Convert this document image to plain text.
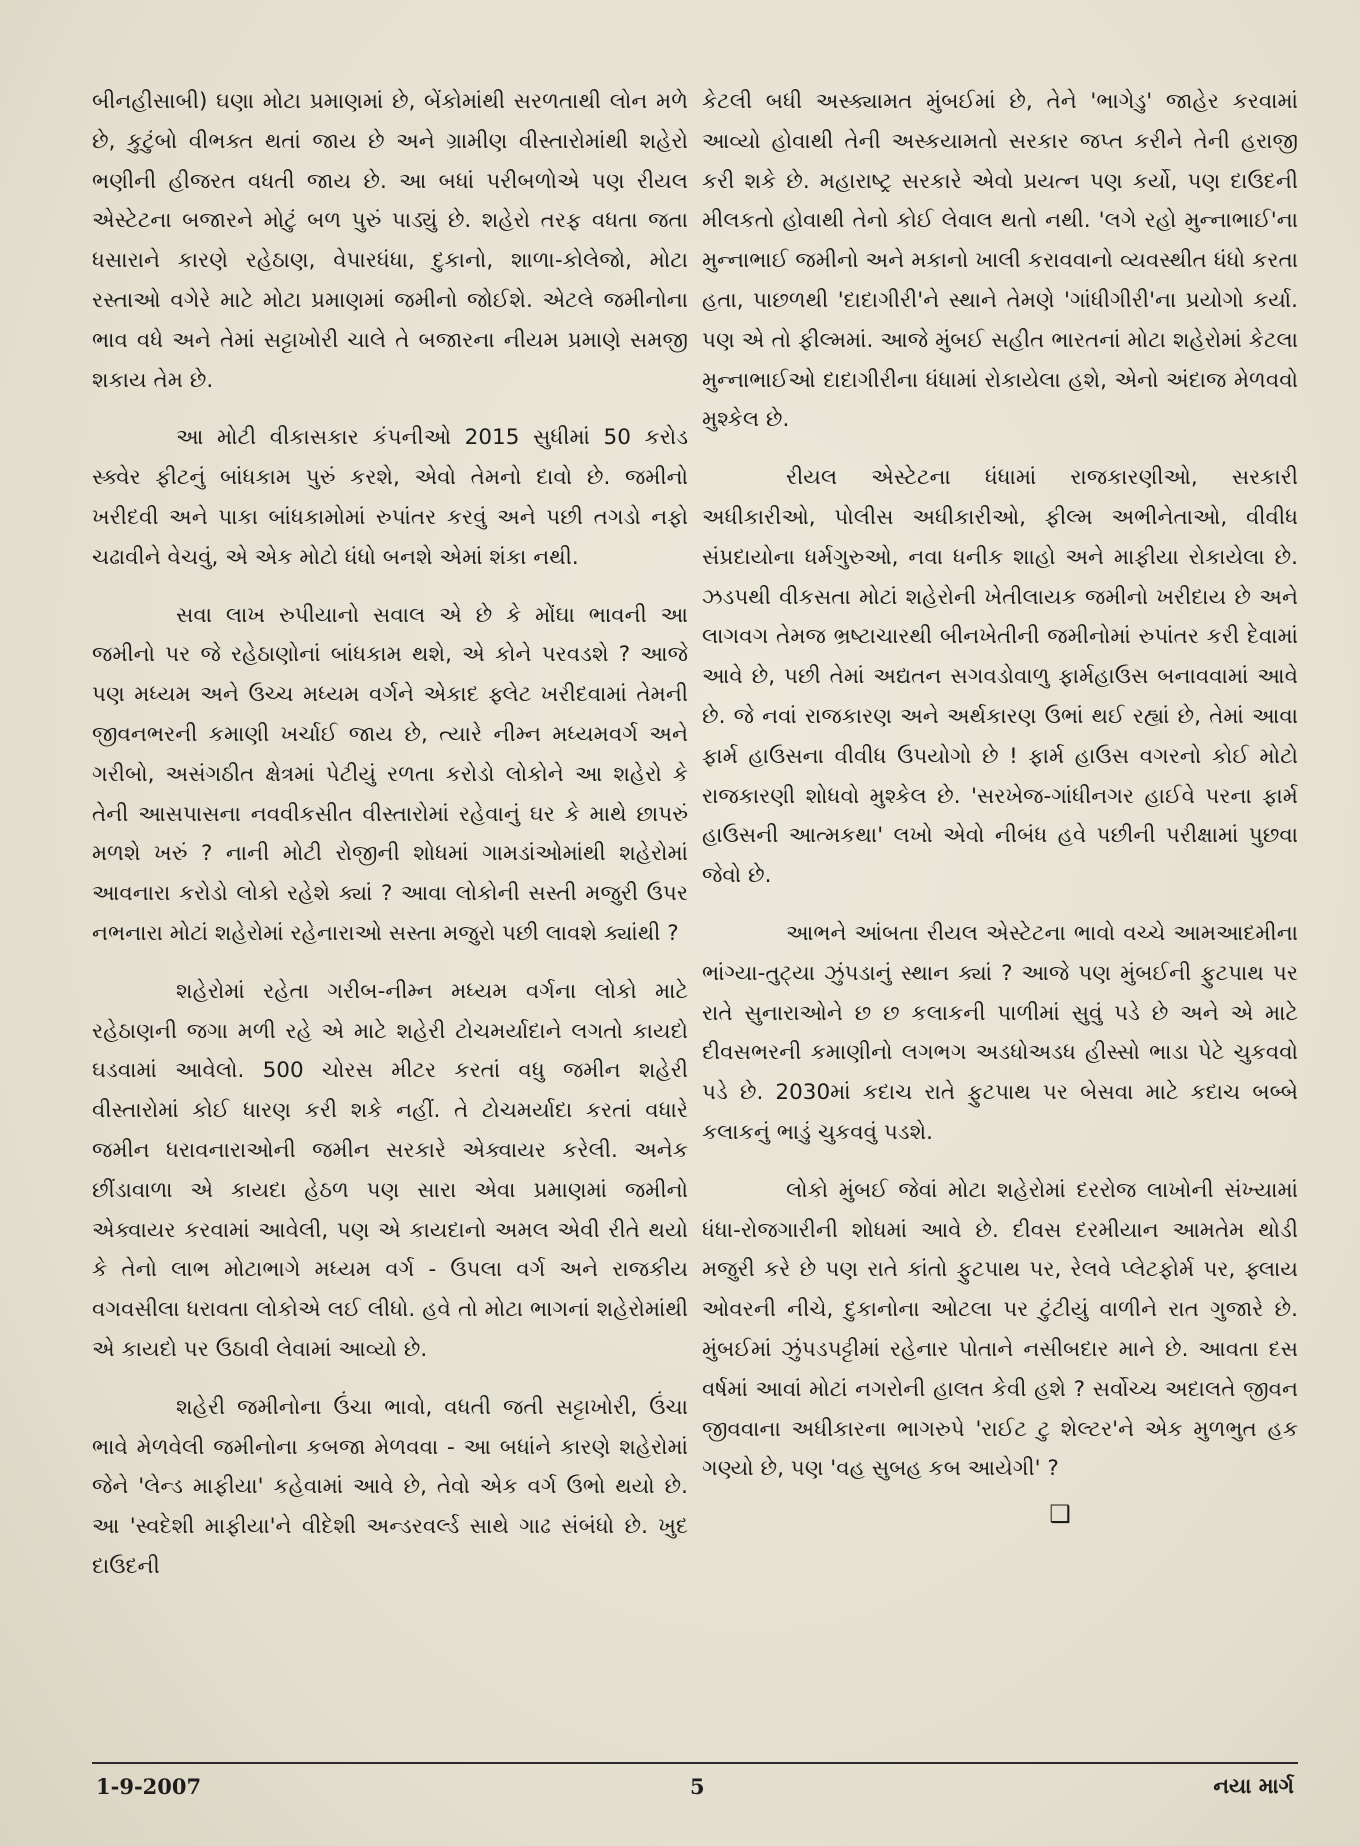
બીનહીસાબી) ઘણા મોટા પ્રમાણમાં છે, બેંકોમાંથી સરળતાથી લોન મળે છે, કુટુંબો વીભક્ત થતાં જાય છે અને ગ્રામીણ વીસ્તારોમાંથી શહેરો ભણીની હીજરત વધતી જાય છે. આ બધાં પરીબળોએ પણ રીયલ એસ્ટેટના બજારને મોટું બળ પુરું પાડ્યું છે. શહેરો તરફ વધતા જતા ધસારાને કારણે રહેઠાણ, વેપારધંધા, દુકાનો, શાળા-કોલેજો, મોટા રસ્તાઓ વગેરે માટે મોટા પ્રમાણમાં જમીનો જોઈશે. એટલે જમીનોના ભાવ વધે અને તેમાં સટ્ટાખોરી ચાલે તે બજારના નીયમ પ્રમાણે સમજી શકાય તેમ છે.

આ મોટી વીકાસકાર કંપનીઓ 2015 સુધીમાં 50 કરોડ સ્ક્વેર ફીટનું બાંધકામ પુરું કરશે, એવો તેમનો દાવો છે. જમીનો ખરીદવી અને પાકા બાંધકામોમાં રુપાંતર કરવું અને પછી તગડો નફો ચઢાવીને વેચવું, એ એક મોટો ધંધો બનશે એમાં શંકા નથી.

સવા લાખ રુપીયાનો સવાલ એ છે કે મોંઘા ભાવની આ જમીનો પર જે રહેઠાણોનાં બાંધકામ થશે, એ કોને પરવડશે ? આજે પણ મધ્યમ અને ઉચ્ચ મધ્યમ વર્ગને એકાદ ફ્લેટ ખરીદવામાં તેમની જીવનભરની કમાણી ખર્ચાઈ જાય છે, ત્યારે નીમ્ન મધ્યમવર્ગ અને ગરીબો, અસંગઠીત ક્ષેત્રમાં પેટીયું રળતા કરોડો લોકોને આ શહેરો કે તેની આસપાસના નવવીકસીત વીસ્તારોમાં રહેવાનું ઘર કે માથે છાપરું મળશે ખરું ? નાની મોટી રોજીની શોધમાં ગામડાંઓમાંથી શહેરોમાં આવનારા કરોડો લોકો રહેશે ક્યાં ? આવા લોકોની સસ્તી મજુરી ઉપર નભનારા મોટાં શહેરોમાં રહેનારાઓ સસ્તા મજુરો પછી લાવશે ક્યાંથી ?

શહેરોમાં રહેતા ગરીબ-નીમ્ન મધ્યમ વર્ગના લોકો માટે રહેઠાણની જગા મળી રહે એ માટે શહેરી ટોચમર્યાદાને લગતો કાયદો ઘડવામાં આવેલો. 500 ચોરસ મીટર કરતાં વધુ જમીન શહેરી વીસ્તારોમાં કોઈ ધારણ કરી શકે નહીં. તે ટોચમર્યાદા કરતાં વધારે જમીન ધરાવનારાઓની જમીન સરકારે એક્વાયર કરેલી. અનેક છીંડાવાળા એ કાયદા હેઠળ પણ સારા એવા પ્રમાણમાં જમીનો એક્વાયર કરવામાં આવેલી, પણ એ કાયદાનો અમલ એવી રીતે થયો કે તેનો લાભ મોટાભાગે મધ્યમ વર્ગ - ઉપલા વર્ગ અને રાજકીય વગવસીલા ધરાવતા લોકોએ લઈ લીધો. હવે તો મોટા ભાગનાં શહેરોમાંથી એ કાયદો પર ઉઠાવી લેવામાં આવ્યો છે.

શહેરી જમીનોના ઉંચા ભાવો, વધતી જતી સટ્ટાખોરી, ઉંચા ભાવે મેળવેલી જમીનોના કબજા મેળવવા - આ બધાંને કારણે શહેરોમાં જેને 'લેન્ડ માફીયા' કહેવામાં આવે છે, તેવો એક વર્ગ ઉભો થયો છે. આ 'સ્વદેશી માફીયા'ને વીદેશી અન્ડરવર્લ્ડ સાથે ગાઢ સંબંધો છે. ખુદ દાઉદની

કેટલી બધી અસ્ક્યામત મુંબઈમાં છે, તેને 'ભાગેડુ' જાહેર કરવામાં આવ્યો હોવાથી તેની અસ્કયામતો સરકાર જપ્ત કરીને તેની હરાજી કરી શકે છે. મહારાષ્ટ્ર સરકારે એવો પ્રયત્ન પણ કર્યો, પણ દાઉદની મીલકતો હોવાથી તેનો કોઈ લેવાલ થતો નથી. 'લગે રહો મુન્નાભાઈ'ના મુન્નાભાઈ જમીનો અને મકાનો ખાલી કરાવવાનો વ્યવસ્થીત ધંધો કરતા હતા, પાછળથી 'દાદાગીરી'ને સ્થાને તેમણે 'ગાંધીગીરી'ના પ્રયોગો કર્યા. પણ એ તો ફીલ્મમાં. આજે મુંબઈ સહીત ભારતનાં મોટા શહેરોમાં કેટલા મુન્નાભાઈઓ દાદાગીરીના ધંધામાં રોકાયેલા હશે, એનો અંદાજ મેળવવો મુશ્કેલ છે.

રીયલ એસ્ટેટના ધંધામાં રાજકારણીઓ, સરકારી અધીકારીઓ, પોલીસ અધીકારીઓ, ફીલ્મ અભીનેતાઓ, વીવીધ સંપ્રદાયોના ધર્મગુરુઓ, નવા ધનીક શાહો અને માફીયા રોકાયેલા છે. ઝડપથી વીકસતા મોટાં શહેરોની ખેતીલાયક જમીનો ખરીદાય છે અને લાગવગ તેમજ ભ્રષ્ટાચારથી બીનખેતીની જમીનોમાં રુપાંતર કરી દેવામાં આવે છે, પછી તેમાં અદ્યતન સગવડોવાળુ ફાર્મહાઉસ બનાવવામાં આવે છે. જે નવાં રાજકારણ અને અર્થકારણ ઉભાં થઈ રહ્યાં છે, તેમાં આવા ફાર્મ હાઉસના વીવીધ ઉપયોગો છે ! ફાર્મ હાઉસ વગરનો કોઈ મોટો રાજકારણી શોધવો મુશ્કેલ છે. 'સરખેજ-ગાંધીનગર હાઈવે પરના ફાર્મ હાઉસની આત્મકથા' લખો એવો નીબંધ હવે પછીની પરીક્ષામાં પુછવા જેવો છે.

આભને આંબતા રીયલ એસ્ટેટના ભાવો વચ્ચે આમઆદમીના ભાંગ્યા-તુટ્યા ઝુંપડાનું સ્થાન ક્યાં ? આજે પણ મુંબઈની ફુટપાથ પર રાતે સુનારાઓને છ છ કલાકની પાળીમાં સુવું પડે છે અને એ માટે દીવસભરની કમાણીનો લગભગ અડધોઅડધ હીસ્સો ભાડા પેટે ચુકવવો પડે છે. 2030માં કદાચ રાતે ફુટપાથ પર બેસવા માટે કદાચ બબ્બે કલાકનું ભાડું ચુકવવું પડશે.

લોકો મુંબઈ જેવાં મોટા શહેરોમાં દરરોજ લાખોની સંખ્યામાં ધંધા-રોજગારીની શોધમાં આવે છે. દીવસ દરમીયાન આમતેમ થોડી મજુરી કરે છે પણ રાતે કાંતો ફુટપાથ પર, રેલવે પ્લેટફોર્મ પર, ફ્લાય ઓવરની નીચે, દુકાનોના ઓટલા પર ટુંટીયું વાળીને રાત ગુજારે છે. મુંબઈમાં ઝુંપડપટ્ટીમાં રહેનાર પોતાને નસીબદાર માને છે. આવતા દસ વર્ષમાં આવાં મોટાં નગરોની હાલત કેવી હશે ? સર્વોચ્ચ અદાલતે જીવન જીવવાના અધીકારના ભાગરુપે 'રાઈટ ટુ શેલ્ટર'ને એક મુળભુત હક ગણ્યો છે, પણ 'વહ સુબહ કબ આયેગી' ?

❑
1-9-2007	5	નયા માર્ગ
